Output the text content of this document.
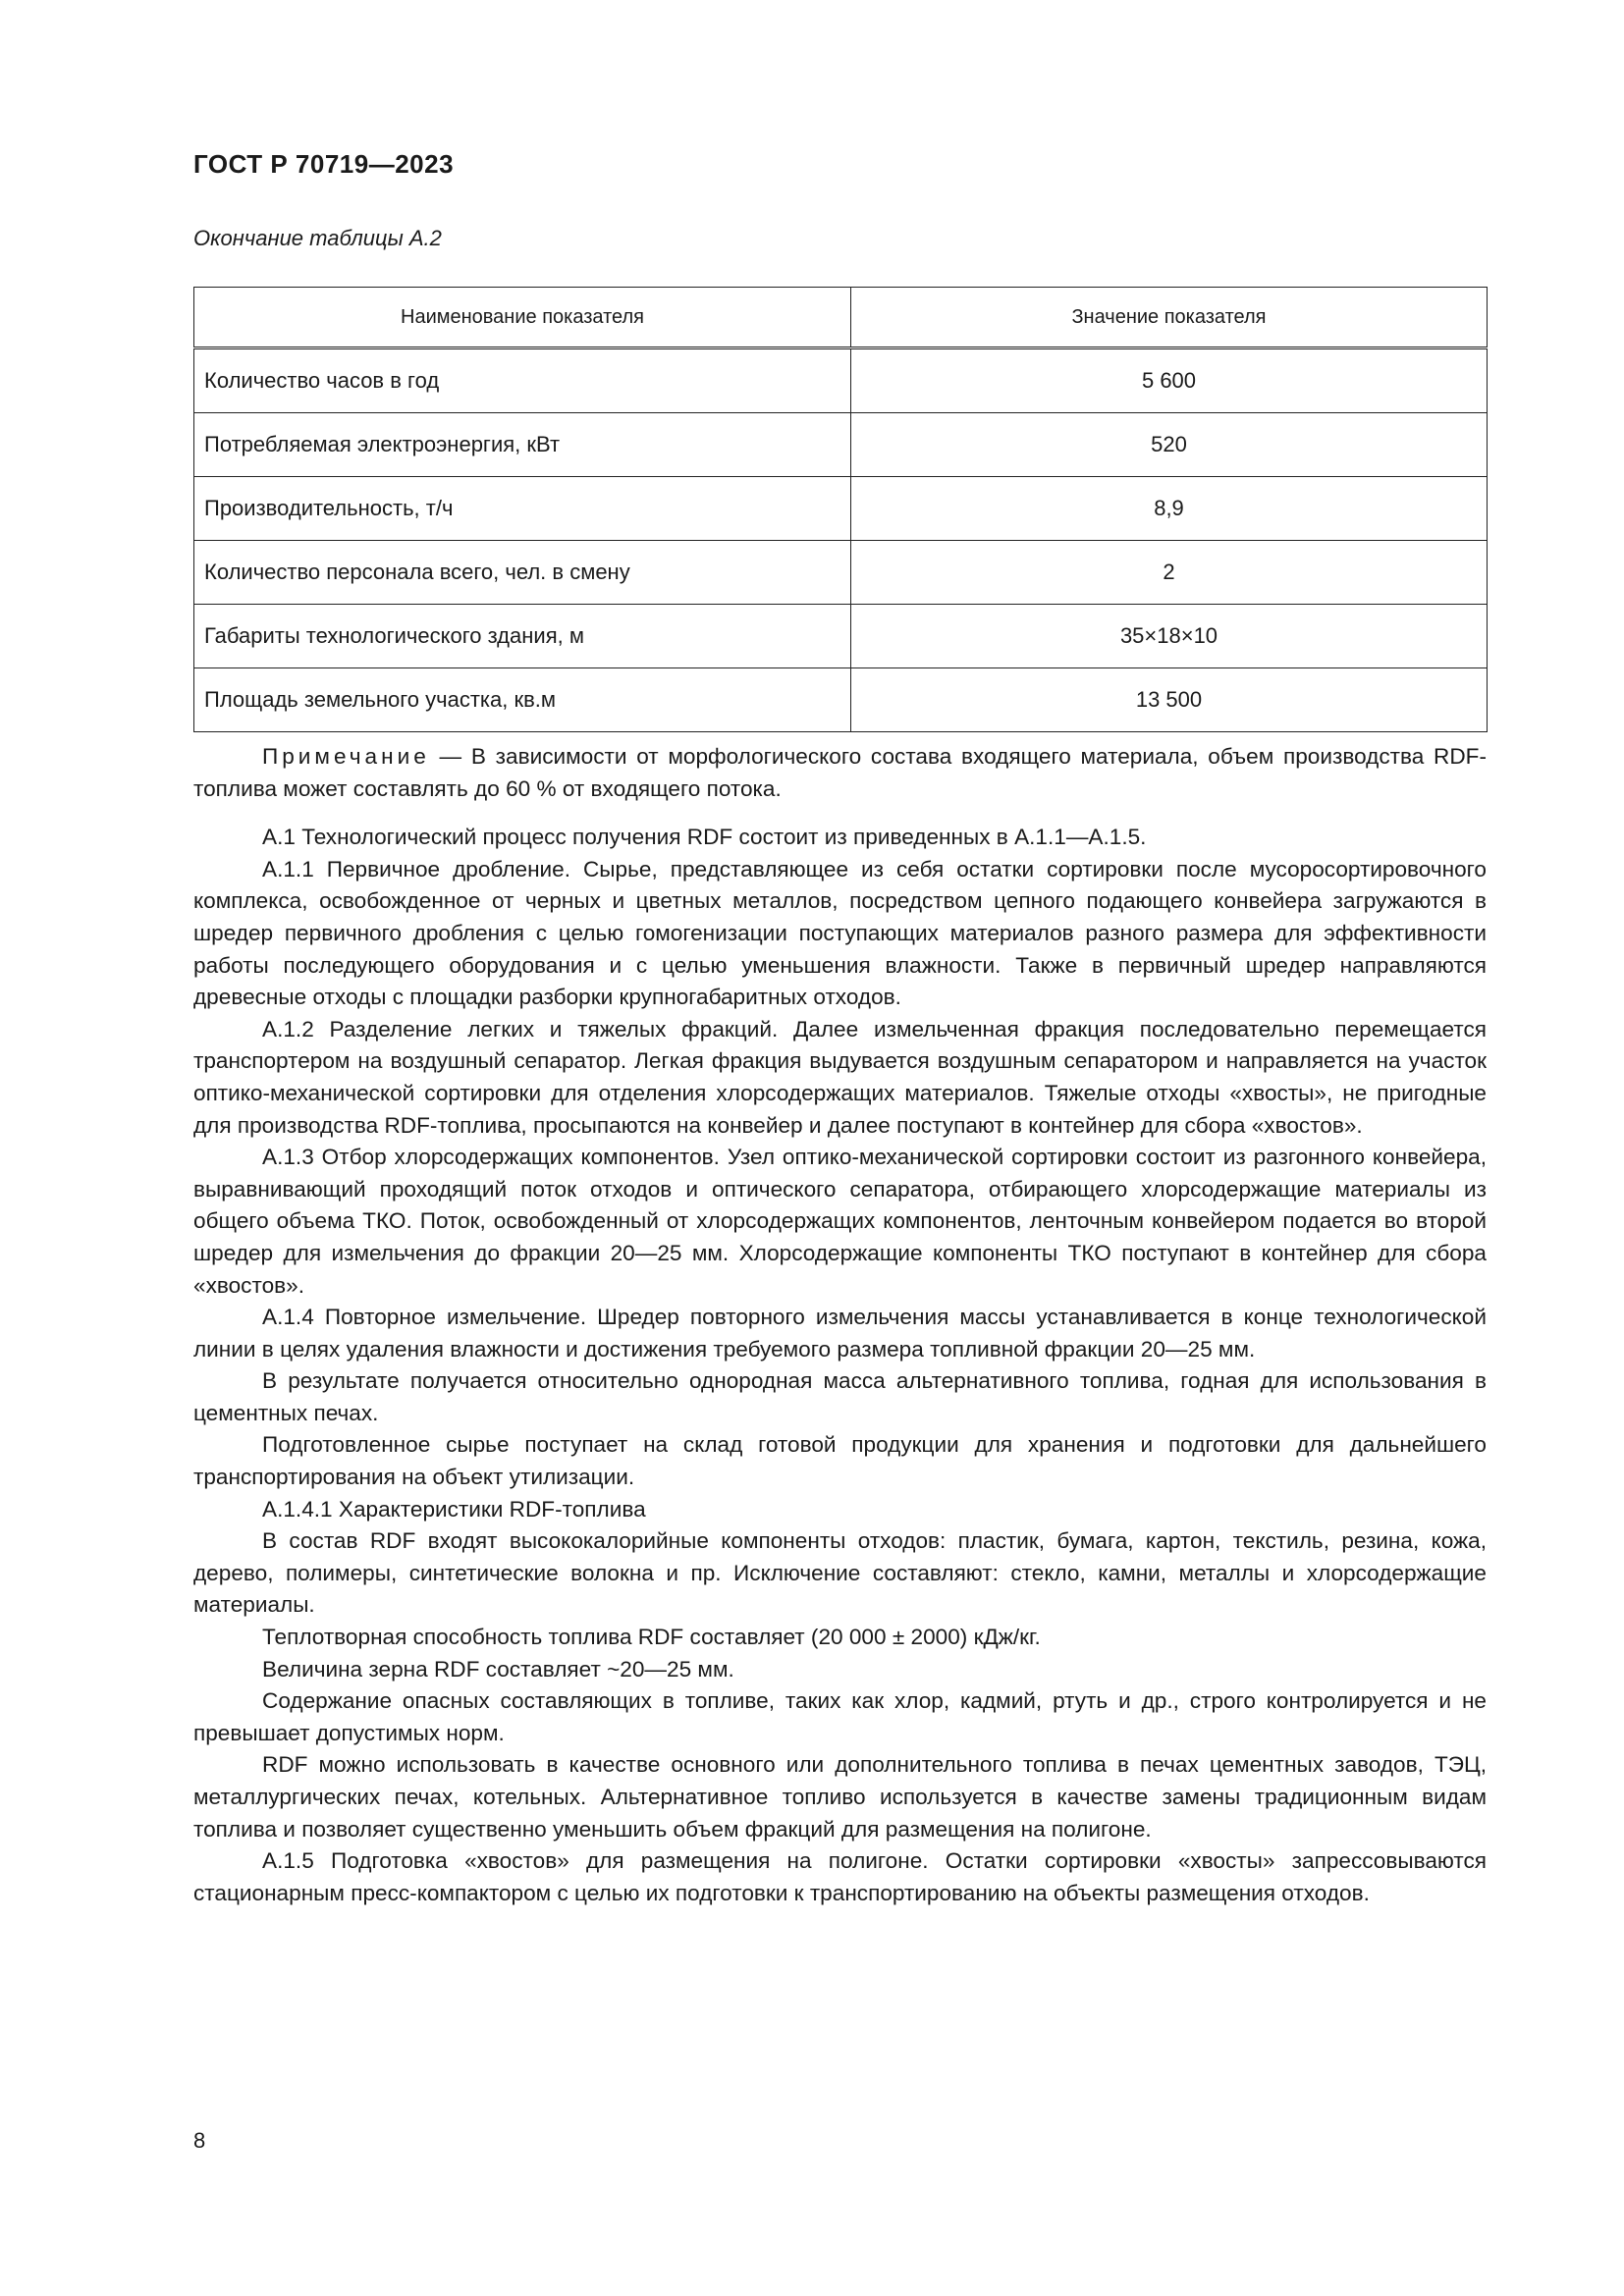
ГОСТ Р 70719—2023
Окончание таблицы А.2
Наименование показателя	Значение показателя
Количество часов в год	5 600
Потребляемая электроэнергия, кВт	520
Производительность, т/ч	8,9
Количество персонала всего, чел. в смену	2
Габариты технологического здания, м	35×18×10
Площадь земельного участка, кв.м	13 500

Примечание — В зависимости от морфологического состава входящего материала, объем производства RDF-топлива может составлять до 60 % от входящего потока.

А.1 Технологический процесс получения RDF состоит из приведенных в А.1.1—А.1.5.

А.1.1 Первичное дробление. Сырье, представляющее из себя остатки сортировки после мусоросортировочного комплекса, освобожденное от черных и цветных металлов, посредством цепного подающего конвейера загружаются в шредер первичного дробления с целью гомогенизации поступающих материалов разного размера для эффективности работы последующего оборудования и с целью уменьшения влажности. Также в первичный шредер направляются древесные отходы с площадки разборки крупногабаритных отходов.

А.1.2 Разделение легких и тяжелых фракций. Далее измельченная фракция последовательно перемещается транспортером на воздушный сепаратор. Легкая фракция выдувается воздушным сепаратором и направляется на участок оптико-механической сортировки для отделения хлорсодержащих материалов. Тяжелые отходы «хвосты», не пригодные для производства RDF-топлива, просыпаются на конвейер и далее поступают в контейнер для сбора «хвостов».

А.1.3 Отбор хлорсодержащих компонентов. Узел оптико-механической сортировки состоит из разгонного конвейера, выравнивающий проходящий поток отходов и оптического сепаратора, отбирающего хлорсодержащие материалы из общего объема ТКО. Поток, освобожденный от хлорсодержащих компонентов, ленточным конвейером подается во второй шредер для измельчения до фракции 20—25 мм. Хлорсодержащие компоненты ТКО поступают в контейнер для сбора «хвостов».

А.1.4 Повторное измельчение. Шредер повторного измельчения массы устанавливается в конце технологической линии в целях удаления влажности и достижения требуемого размера топливной фракции 20—25 мм.

В результате получается относительно однородная масса альтернативного топлива, годная для использования в цементных печах.

Подготовленное сырье поступает на склад готовой продукции для хранения и подготовки для дальнейшего транспортирования на объект утилизации.

А.1.4.1 Характеристики RDF-топлива

В состав RDF входят высококалорийные компоненты отходов: пластик, бумага, картон, текстиль, резина, кожа, дерево, полимеры, синтетические волокна и пр. Исключение составляют: стекло, камни, металлы и хлорсодержащие материалы.

Теплотворная способность топлива RDF составляет (20 000 ± 2000) кДж/кг.

Величина зерна RDF составляет ~20—25 мм.

Содержание опасных составляющих в топливе, таких как хлор, кадмий, ртуть и др., строго контролируется и не превышает допустимых норм.

RDF можно использовать в качестве основного или дополнительного топлива в печах цементных заводов, ТЭЦ, металлургических печах, котельных. Альтернативное топливо используется в качестве замены традиционным видам топлива и позволяет существенно уменьшить объем фракций для размещения на полигоне.

А.1.5 Подготовка «хвостов» для размещения на полигоне. Остатки сортировки «хвосты» запрессовываются стационарным пресс-компактором с целью их подготовки к транспортированию на объекты размещения отходов.

8
